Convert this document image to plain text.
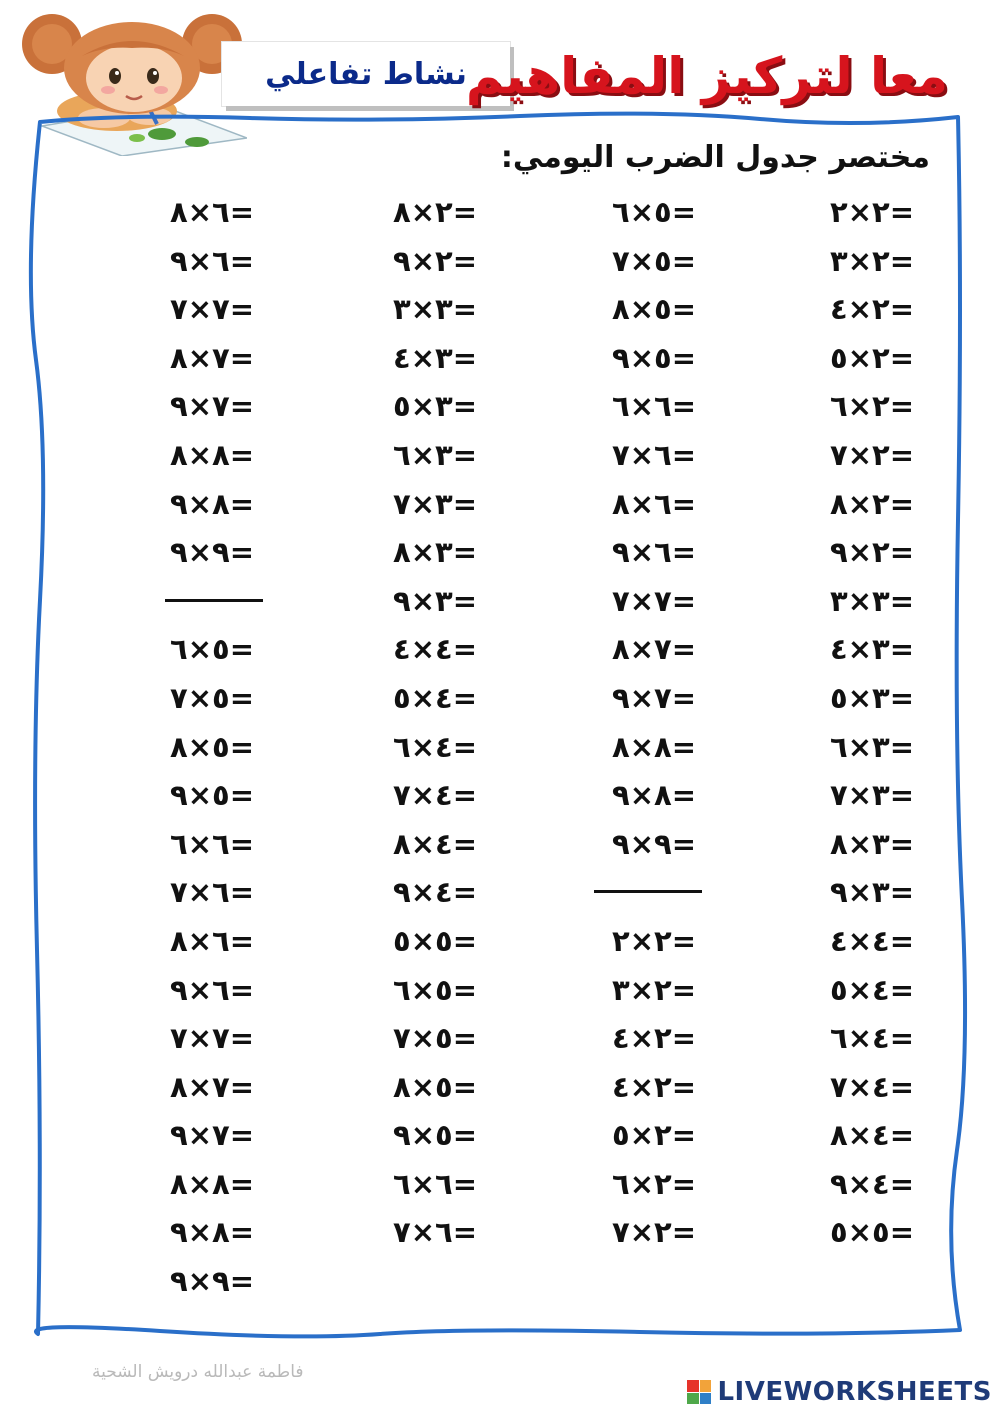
نشاط تفاعلي
معا لتركيز المفاهيم
مختصر جدول الضرب اليومي:
٦×٨=
٦×٩=
٧×٧=
٧×٨=
٧×٩=
٨×٨=
٨×٩=
٩×٩=
٥×٦=
٥×٧=
٥×٨=
٥×٩=
٦×٦=
٦×٧=
٦×٨=
٦×٩=
٧×٧=
٧×٨=
٧×٩=
٨×٨=
٨×٩=
٩×٩=
٢×٨=
٢×٩=
٣×٣=
٣×٤=
٣×٥=
٣×٦=
٣×٧=
٣×٨=
٣×٩=
٤×٤=
٤×٥=
٤×٦=
٤×٧=
٤×٨=
٤×٩=
٥×٥=
٥×٦=
٥×٧=
٥×٨=
٥×٩=
٦×٦=
٦×٧=
٥×٦=
٥×٧=
٥×٨=
٥×٩=
٦×٦=
٦×٧=
٦×٨=
٦×٩=
٧×٧=
٧×٨=
٧×٩=
٨×٨=
٨×٩=
٩×٩=
٢×٢=
٢×٣=
٢×٤=
٢×٤=
٢×٥=
٢×٦=
٢×٧=
٢×٢=
٢×٣=
٢×٤=
٢×٥=
٢×٦=
٢×٧=
٢×٨=
٢×٩=
٣×٣=
٣×٤=
٣×٥=
٣×٦=
٣×٧=
٣×٨=
٣×٩=
٤×٤=
٤×٥=
٤×٦=
٤×٧=
٤×٨=
٤×٩=
٥×٥=
فاطمة عبدالله درويش الشحية
LIVEWORKSHEETS
